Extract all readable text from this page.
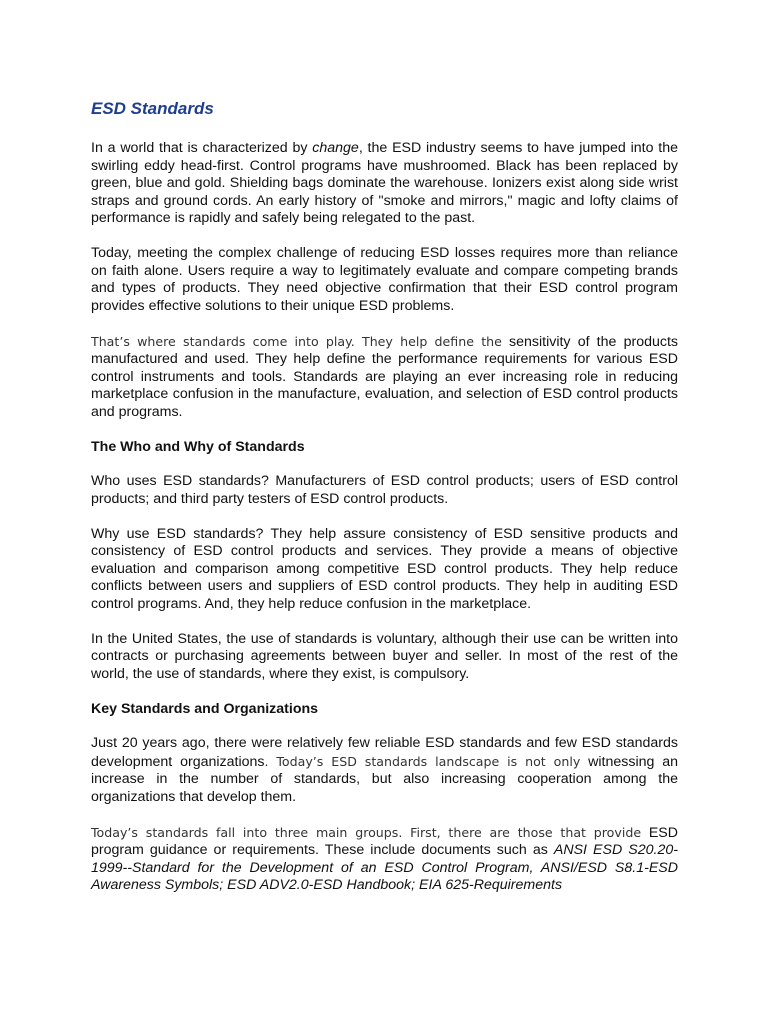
ESD Standards

In a world that is characterized by change, the ESD industry seems to have jumped into the swirling eddy head-first. Control programs have mushroomed. Black has been replaced by green, blue and gold. Shielding bags dominate the warehouse. Ionizers exist along side wrist straps and ground cords. An early history of "smoke and mirrors," magic and lofty claims of performance is rapidly and safely being relegated to the past.

Today, meeting the complex challenge of reducing ESD losses requires more than reliance on faith alone. Users require a way to legitimately evaluate and compare competing brands and types of products. They need objective confirmation that their ESD control program provides effective solutions to their unique ESD problems.

That’s where standards come into play. They help define the sensitivity of the products manufactured and used. They help define the performance requirements for various ESD control instruments and tools. Standards are playing an ever increasing role in reducing marketplace confusion in the manufacture, evaluation, and selection of ESD control products and programs.

The Who and Why of Standards

Who uses ESD standards? Manufacturers of ESD control products; users of ESD control products; and third party testers of ESD control products.

Why use ESD standards? They help assure consistency of ESD sensitive products and consistency of ESD control products and services. They provide a means of objective evaluation and comparison among competitive ESD control products. They help reduce conflicts between users and suppliers of ESD control products. They help in auditing ESD control programs. And, they help reduce confusion in the marketplace.

In the United States, the use of standards is voluntary, although their use can be written into contracts or purchasing agreements between buyer and seller. In most of the rest of the world, the use of standards, where they exist, is compulsory.

Key Standards and Organizations

Just 20 years ago, there were relatively few reliable ESD standards and few ESD standards development organizations. Today’s ESD standards landscape is not only witnessing an increase in the number of standards, but also increasing cooperation among the organizations that develop them.

Today’s standards fall into three main groups. First, there are those that provide ESD program guidance or requirements. These include documents such as ANSI ESD S20.20-1999--Standard for the Development of an ESD Control Program, ANSI/ESD S8.1-ESD Awareness Symbols; ESD ADV2.0-ESD Handbook; EIA 625-Requirements
